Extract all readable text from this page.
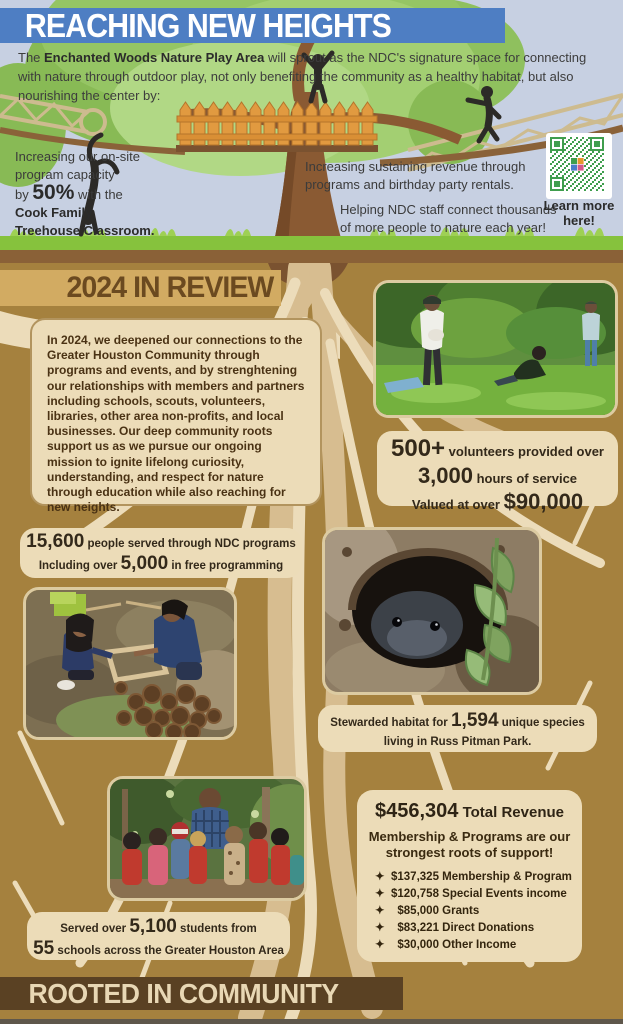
REACHING NEW HEIGHTS
The Enchanted Woods Nature Play Area will sprout as the NDC's signature space for connecting with nature through outdoor play, not only benefiting the community as a healthy habitat, but also nourishing the center by:
Increasing our on-site
program capacity
by 50% with the
Cook Family
Treehouse Classroom.
Increasing sustaining revenue through
programs and birthday party rentals.
Helping NDC staff connect thousands
of more people to nature each year!
Learn more
here!
2024 IN REVIEW
In 2024, we deepened our connections to the Greater Houston Community through programs and events, and by strenghtening our relationships with members and partners including schools, scouts, volunteers, libraries, other area non-profits, and local businesses. Our deep community roots support us as we pursue our ongoing mission to ignite lifelong curiosity, understanding, and respect for nature through education while also reaching for new neights.
500+ volunteers provided over
3,000 hours of service
Valued at over $90,000
15,600 people served through NDC programs
Including over 5,000 in free programming
Stewarded habitat for 1,594 unique species
living in Russ Pitman Park.
Served over 5,100 students from
55 schools across the Greater Houston Area
$456,304 Total Revenue
Membership & Programs are our
strongest roots of support!
✦ $137,325 Membership & Program
✦ $120,758 Special Events income
✦ $85,000 Grants
✦ $83,221 Direct Donations
✦ $30,000 Other Income
ROOTED IN COMMUNITY
